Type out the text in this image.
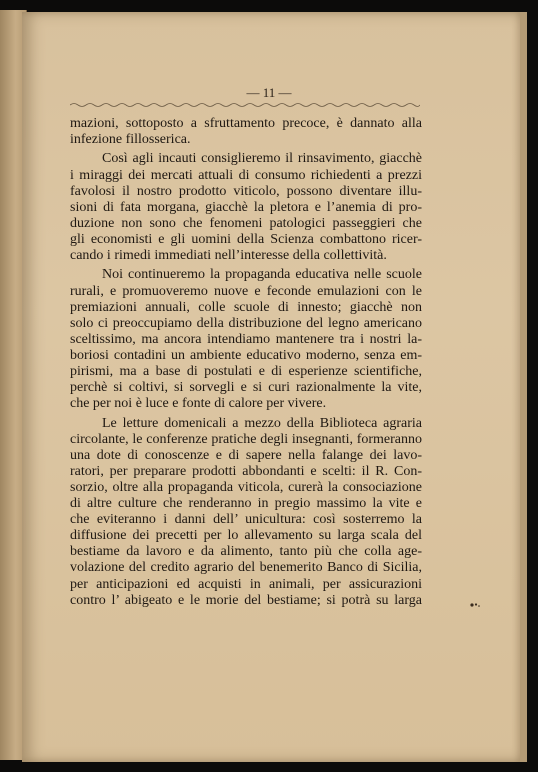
— 11 —
mazioni, sottoposto a sfruttamento precoce, è dannato alla
infezione fillosserica.
Così agli incauti consiglieremo il rinsavimento, giacchè
i miraggi dei mercati attuali di consumo richiedenti a prezzi
favolosi il nostro prodotto viticolo, possono diventare illu-
sioni di fata morgana, giacchè la pletora e l’anemia di pro-
duzione non sono che fenomeni patologici passeggieri che
gli economisti e gli uomini della Scienza combattono ricer-
cando i rimedi immediati nell’interesse della collettività.
Noi continueremo la propaganda educativa nelle scuole
rurali, e promuoveremo nuove e feconde emulazioni con le
premiazioni annuali, colle scuole di innesto; giacchè non
solo ci preoccupiamo della distribuzione del legno americano
sceltissimo, ma ancora intendiamo mantenere tra i nostri la-
boriosi contadini un ambiente educativo moderno, senza em-
pirismi, ma a base di postulati e di esperienze scientifiche,
perchè si coltivi, si sorvegli e si curi razionalmente la vite,
che per noi è luce e fonte di calore per vivere.
Le letture domenicali a mezzo della Biblioteca agraria
circolante, le conferenze pratiche degli insegnanti, formeranno
una dote di conoscenze e di sapere nella falange dei lavo-
ratori, per preparare prodotti abbondanti e scelti: il R. Con-
sorzio, oltre alla propaganda viticola, curerà la consociazione
di altre culture che renderanno in pregio massimo la vite e
che eviteranno i danni dell’ unicultura: così sosterremo la
diffusione dei precetti per lo allevamento su larga scala del
bestiame da lavoro e da alimento, tanto più che colla age-
volazione del credito agrario del benemerito Banco di Sicilia,
per anticipazioni ed acquisti in animali, per assicurazioni
contro l’ abigeato e le morie del bestiame; si potrà su larga
